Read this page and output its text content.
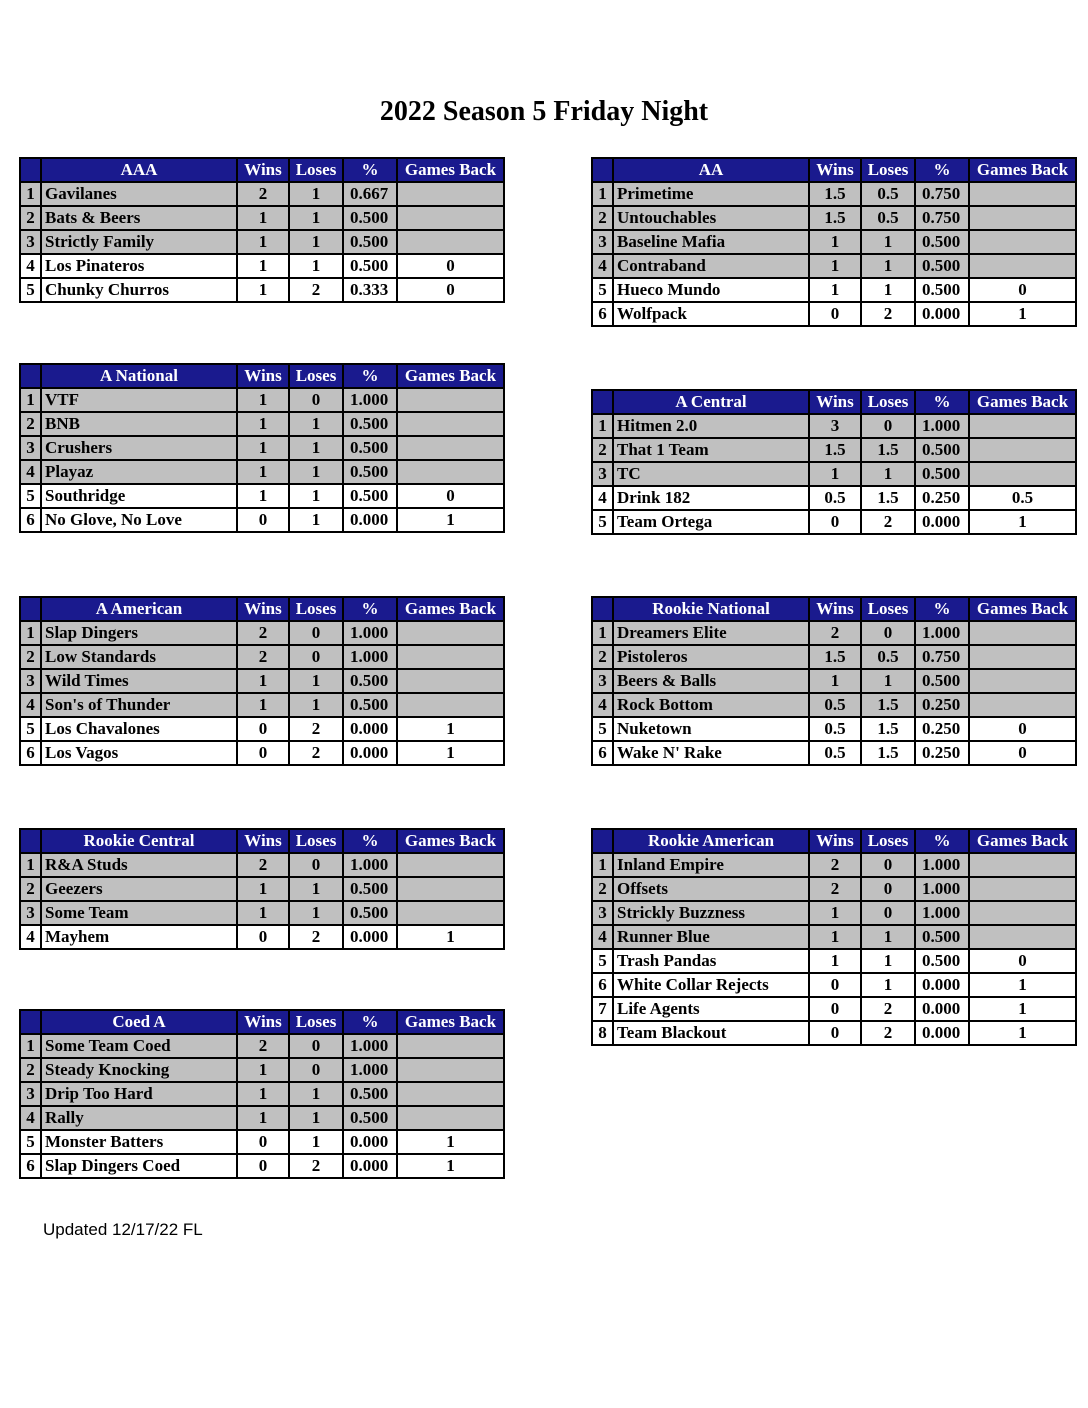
2022 Season 5 Friday Night
	AAA	Wins	Loses	%	Games Back
1	Gavilanes	2	1	0.667	
2	Bats & Beers	1	1	0.500	
3	Strictly Family	1	1	0.500	
4	Los Pinateros	1	1	0.500	0
5	Chunky Churros	1	2	0.333	0
	AA	Wins	Loses	%	Games Back
1	Primetime	1.5	0.5	0.750	
2	Untouchables	1.5	0.5	0.750	
3	Baseline Mafia	1	1	0.500	
4	Contraband	1	1	0.500	
5	Hueco Mundo	1	1	0.500	0
6	Wolfpack	0	2	0.000	1
	A National	Wins	Loses	%	Games Back
1	VTF	1	0	1.000	
2	BNB	1	1	0.500	
3	Crushers	1	1	0.500	
4	Playaz	1	1	0.500	
5	Southridge	1	1	0.500	0
6	No Glove, No Love	0	1	0.000	1
	A Central	Wins	Loses	%	Games Back
1	Hitmen 2.0	3	0	1.000	
2	That 1 Team	1.5	1.5	0.500	
3	TC	1	1	0.500	
4	Drink 182	0.5	1.5	0.250	0.5
5	Team Ortega	0	2	0.000	1
	A American	Wins	Loses	%	Games Back
1	Slap Dingers	2	0	1.000	
2	Low Standards	2	0	1.000	
3	Wild Times	1	1	0.500	
4	Son's of Thunder	1	1	0.500	
5	Los Chavalones	0	2	0.000	1
6	Los Vagos	0	2	0.000	1
	Rookie National	Wins	Loses	%	Games Back
1	Dreamers Elite	2	0	1.000	
2	Pistoleros	1.5	0.5	0.750	
3	Beers & Balls	1	1	0.500	
4	Rock Bottom	0.5	1.5	0.250	
5	Nuketown	0.5	1.5	0.250	0
6	Wake N' Rake	0.5	1.5	0.250	0
	Rookie Central	Wins	Loses	%	Games Back
1	R&A Studs	2	0	1.000	
2	Geezers	1	1	0.500	
3	Some Team	1	1	0.500	
4	Mayhem	0	2	0.000	1
	Rookie American	Wins	Loses	%	Games Back
1	Inland Empire	2	0	1.000	
2	Offsets	2	0	1.000	
3	Strickly Buzzness	1	0	1.000	
4	Runner Blue	1	1	0.500	
5	Trash Pandas	1	1	0.500	0
6	White Collar Rejects	0	1	0.000	1
7	Life Agents	0	2	0.000	1
8	Team Blackout	0	2	0.000	1
	Coed A	Wins	Loses	%	Games Back
1	Some Team Coed	2	0	1.000	
2	Steady Knocking	1	0	1.000	
3	Drip Too Hard	1	1	0.500	
4	Rally	1	1	0.500	
5	Monster Batters	0	1	0.000	1
6	Slap Dingers Coed	0	2	0.000	1

Updated 12/17/22 FL
